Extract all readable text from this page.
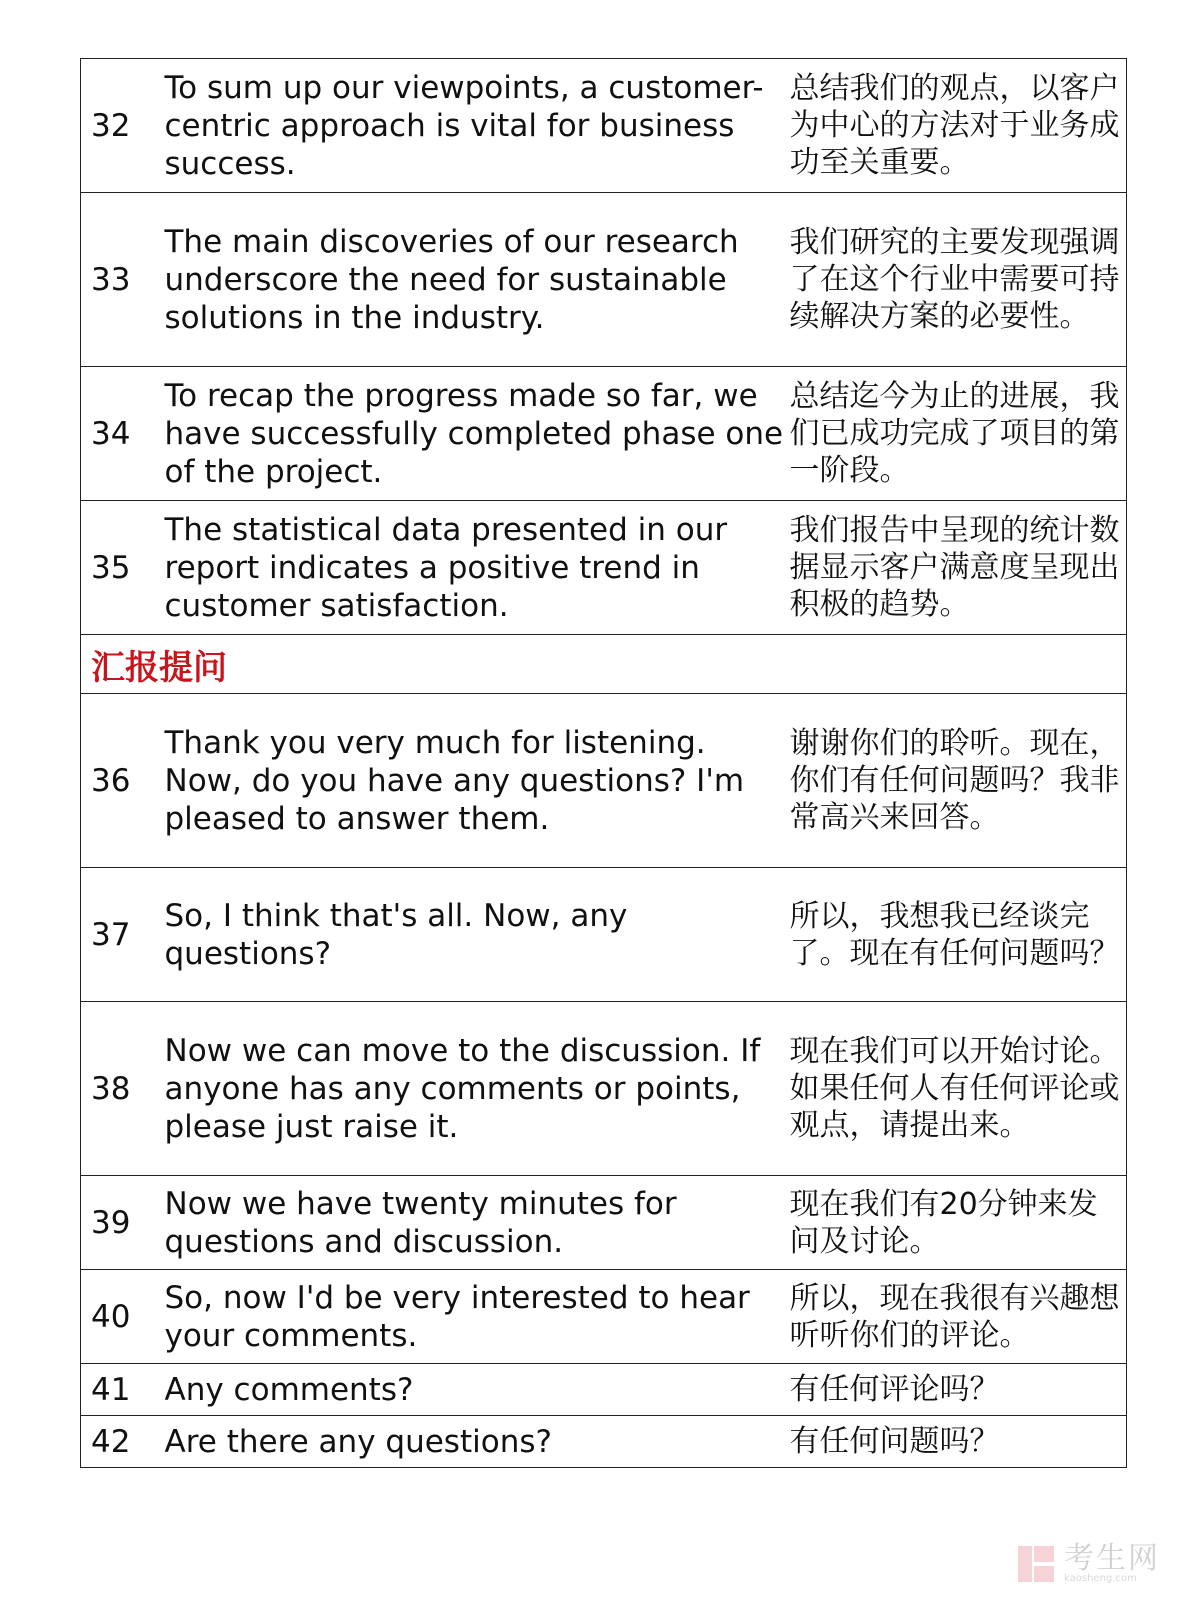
32	To sum up our viewpoints, a customer-centric approach is vital for business success.	总结我们的观点，以客户为中心的方法对于业务成功至关重要。
33	The main discoveries of our research underscore the need for sustainable solutions in the industry.	我们研究的主要发现强调了在这个行业中需要可持续解决方案的必要性。
34	To recap the progress made so far, we have successfully completed phase one of the project.	总结迄今为止的进展，我们已成功完成了项目的第一阶段。
35	The statistical data presented in our report indicates a positive trend in customer satisfaction.	我们报告中呈现的统计数据显示客户满意度呈现出积极的趋势。
汇报提问		
36	Thank you very much for listening. Now, do you have any questions? I'm pleased to answer them.	谢谢你们的聆听。现在，你们有任何问题吗？我非常高兴来回答。
37	So, I think that's all. Now, any questions?	所以，我想我已经谈完了。现在有任何问题吗？
38	Now we can move to the discussion. If anyone has any comments or points, please just raise it.	现在我们可以开始讨论。如果任何人有任何评论或观点，请提出来。
39	Now we have twenty minutes for questions and discussion.	现在我们有20分钟来发问及讨论。
40	So, now I'd be very interested to hear your comments.	所以，现在我很有兴趣想听听你们的评论。
41	Any comments?	有任何评论吗？
42	Are there any questions?	有任何问题吗？
考生网
kaosheng.com
